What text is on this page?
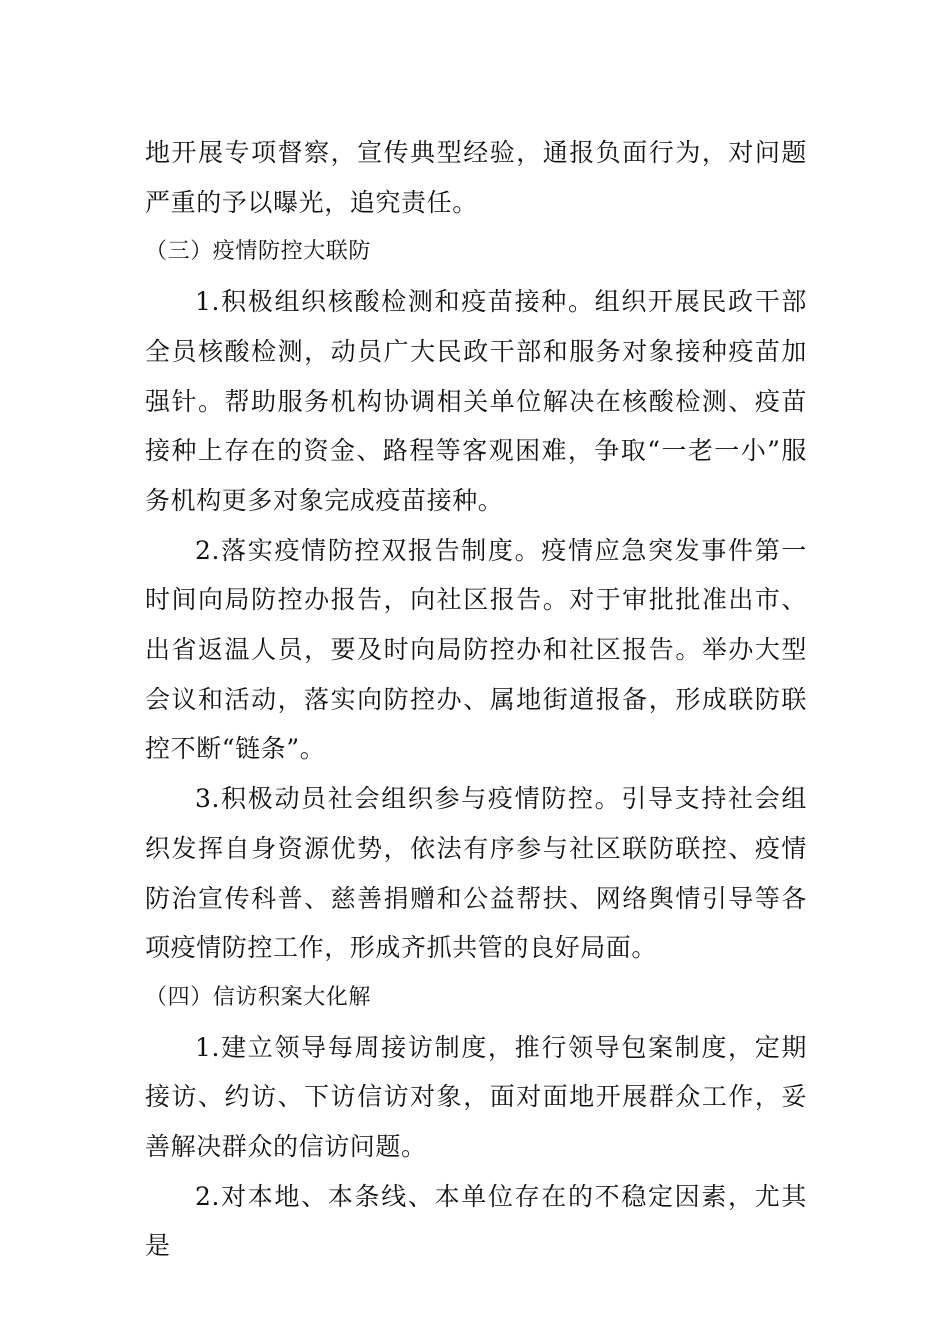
地开展专项督察，宣传典型经验，通报负面行为，对问题严重的予以曝光，追究责任。

（三）疫情防控大联防

1.积极组织核酸检测和疫苗接种。组织开展民政干部全员核酸检测，动员广大民政干部和服务对象接种疫苗加强针。帮助服务机构协调相关单位解决在核酸检测、疫苗接种上存在的资金、路程等客观困难，争取“一老一小”服务机构更多对象完成疫苗接种。

2.落实疫情防控双报告制度。疫情应急突发事件第一时间向局防控办报告，向社区报告。对于审批批准出市、出省返温人员，要及时向局防控办和社区报告。举办大型会议和活动，落实向防控办、属地街道报备，形成联防联控不断“链条”。

3.积极动员社会组织参与疫情防控。引导支持社会组织发挥自身资源优势，依法有序参与社区联防联控、疫情防治宣传科普、慈善捐赠和公益帮扶、网络舆情引导等各项疫情防控工作，形成齐抓共管的良好局面。

（四）信访积案大化解

1.建立领导每周接访制度，推行领导包案制度，定期接访、约访、下访信访对象，面对面地开展群众工作，妥善解决群众的信访问题。

2.对本地、本条线、本单位存在的不稳定因素，尤其是
